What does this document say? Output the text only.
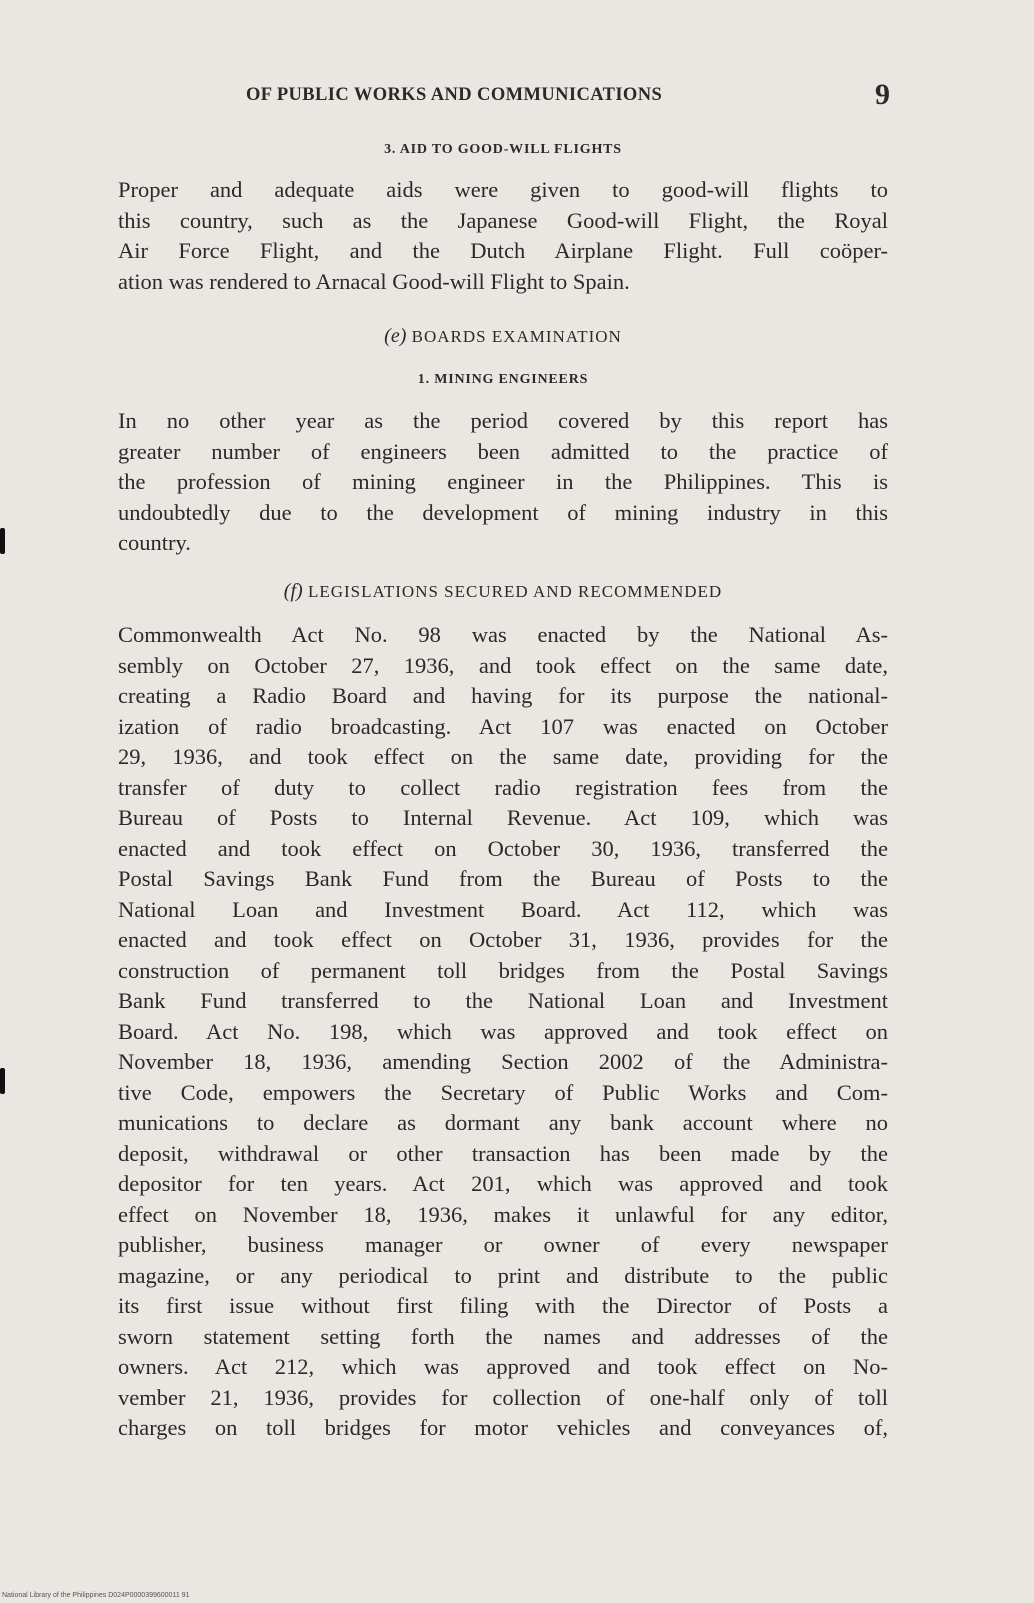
OF PUBLIC WORKS AND COMMUNICATIONS	9
3. AID TO GOOD-WILL FLIGHTS
Proper and adequate aids were given to good-will flights to
this country, such as the Japanese Good-will Flight, the Royal
Air Force Flight, and the Dutch Airplane Flight. Full coöper-
ation was rendered to Arnacal Good-will Flight to Spain.
(e) BOARDS EXAMINATION
1. MINING ENGINEERS
In no other year as the period covered by this report has
greater number of engineers been admitted to the practice of
the profession of mining engineer in the Philippines. This is
undoubtedly due to the development of mining industry in this
country.
(f) LEGISLATIONS SECURED AND RECOMMENDED
Commonwealth Act No. 98 was enacted by the National As-
sembly on October 27, 1936, and took effect on the same date,
creating a Radio Board and having for its purpose the national-
ization of radio broadcasting. Act 107 was enacted on October
29, 1936, and took effect on the same date, providing for the
transfer of duty to collect radio registration fees from the
Bureau of Posts to Internal Revenue. Act 109, which was
enacted and took effect on October 30, 1936, transferred the
Postal Savings Bank Fund from the Bureau of Posts to the
National Loan and Investment Board. Act 112, which was
enacted and took effect on October 31, 1936, provides for the
construction of permanent toll bridges from the Postal Savings
Bank Fund transferred to the National Loan and Investment
Board. Act No. 198, which was approved and took effect on
November 18, 1936, amending Section 2002 of the Administra-
tive Code, empowers the Secretary of Public Works and Com-
munications to declare as dormant any bank account where no
deposit, withdrawal or other transaction has been made by the
depositor for ten years. Act 201, which was approved and took
effect on November 18, 1936, makes it unlawful for any editor,
publisher, business manager or owner of every newspaper
magazine, or any periodical to print and distribute to the public
its first issue without first filing with the Director of Posts a
sworn statement setting forth the names and addresses of the
owners. Act 212, which was approved and took effect on No-
vember 21, 1936, provides for collection of one-half only of toll
charges on toll bridges for motor vehicles and conveyances of,
National Library of the Philippines D024P0000399600011 91
